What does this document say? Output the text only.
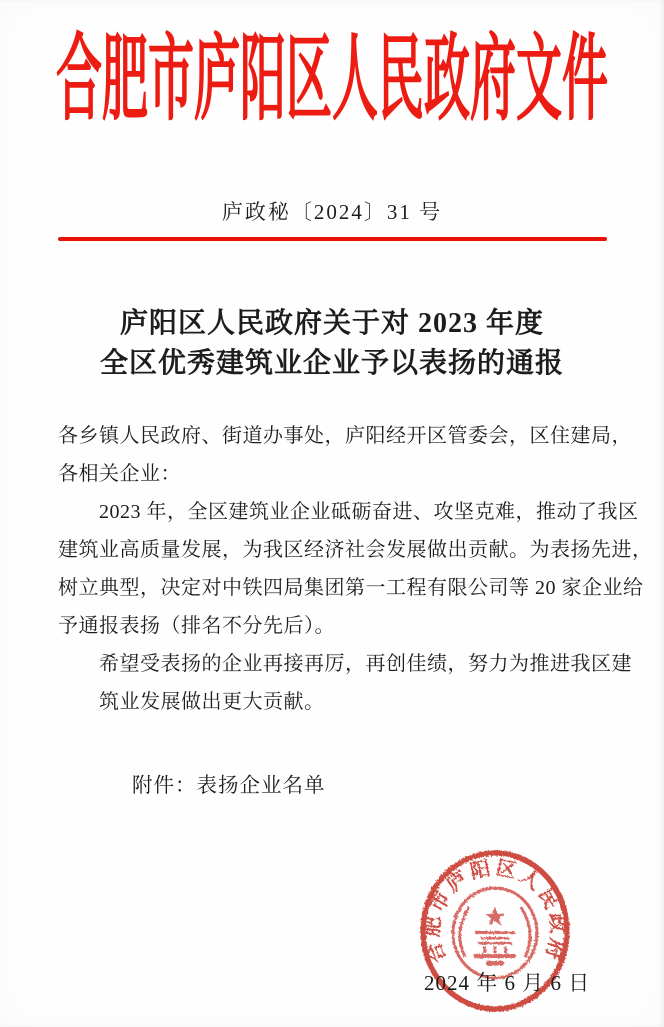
合肥市庐阳区人民政府文件
庐政秘〔2024〕31 号
庐阳区人民政府关于对 2023 年度
全区优秀建筑业企业予以表扬的通报
各乡镇人民政府、街道办事处，庐阳经开区管委会，区住建局，
各相关企业：
2023 年，全区建筑业企业砥砺奋进、攻坚克难，推动了我区
建筑业高质量发展，为我区经济社会发展做出贡献。为表扬先进，
树立典型，决定对中铁四局集团第一工程有限公司等 20 家企业给
予通报表扬（排名不分先后）。
希望受表扬的企业再接再厉，再创佳绩，努力为推进我区建
筑业发展做出更大贡献。
附件：表扬企业名单
合肥市庐阳区人民政府
2024 年 6 月 6 日
